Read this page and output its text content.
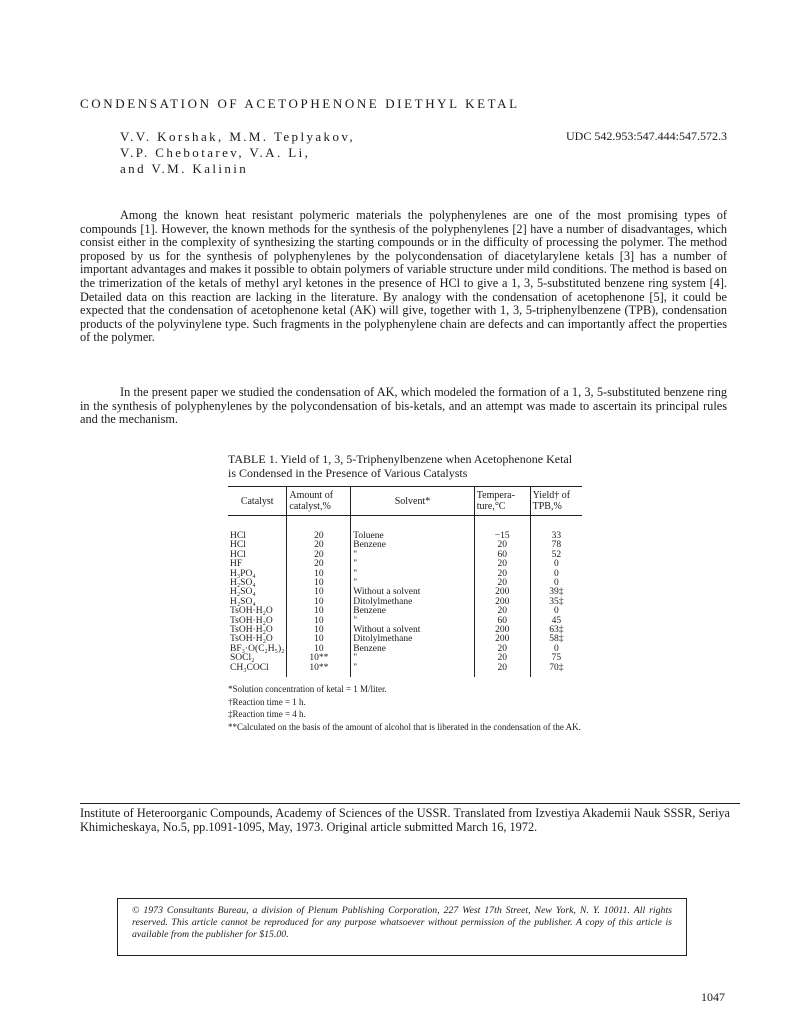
CONDENSATION OF ACETOPHENONE DIETHYL KETAL
V.V. Korshak, M.M. Teplyakov,
V.P. Chebotarev, V.A. Li,
and V.M. Kalinin
UDC 542.953:547.444:547.572.3

Among the known heat resistant polymeric materials the polyphenylenes are one of the most promising types of compounds [1]. However, the known methods for the synthesis of the polyphenylenes [2] have a number of disadvantages, which consist either in the complexity of synthesizing the starting compounds or in the difficulty of processing the polymer. The method proposed by us for the synthesis of polyphenylenes by the polycondensation of diacetylarylene ketals [3] has a number of important advantages and makes it possible to obtain polymers of variable structure under mild conditions. The method is based on the trimerization of the ketals of methyl aryl ketones in the presence of HCl to give a 1, 3, 5-substituted benzene ring system [4]. Detailed data on this reaction are lacking in the literature. By analogy with the condensation of acetophenone [5], it could be expected that the condensation of acetophenone ketal (AK) will give, together with 1, 3, 5-triphenylbenzene (TPB), condensation products of the polyvinylene type. Such fragments in the polyphenylene chain are defects and can importantly affect the properties of the polymer.

In the present paper we studied the condensation of AK, which modeled the formation of a 1, 3, 5-substituted benzene ring in the synthesis of polyphenylenes by the polycondensation of bis-ketals, and an attempt was made to ascertain its principal rules and the mechanism.

TABLE 1. Yield of 1, 3, 5-Triphenylbenzene when Acetophenone Ketal is Condensed in the Presence of Various Catalysts
Catalyst	Amount of catalyst,%	Solvent*	Tempera-ture,°C	Yield† of TPB,%
HCl	20	Toluene	−15	33
HCl	20	Benzene	20	78
HCl	20	"	60	52
HF	20	"	20	0
H₃PO₄	10	"	20	0
H₂SO₄	10	"	20	0
H₂SO₄	10	Without a solvent	200	39‡
H₂SO₄	10	Ditolylmethane	200	35‡
TsOH·H₂O	10	Benzene	20	0
TsOH·H₂O	10	"	60	45
TsOH·H₂O	10	Without a solvent	200	63‡
TsOH·H₂O	10	Ditolylmethane	200	58‡
BF₃·O(C₂H₅)₂	10	Benzene	20	0
SOCl₂	10**	"	20	75
CH₃COCl	10**	"	20	70‡
*Solution concentration of ketal = 1 M/liter.
†Reaction time = 1 h.
‡Reaction time = 4 h.
**Calculated on the basis of the amount of alcohol that is liberated in the condensation of the AK.
Institute of Heteroorganic Compounds, Academy of Sciences of the USSR. Translated from Izvestiya Akademii Nauk SSSR, Seriya Khimicheskaya, No.5, pp.1091-1095, May, 1973. Original article submitted March 16, 1972.
© 1973 Consultants Bureau, a division of Plenum Publishing Corporation, 227 West 17th Street, New York, N. Y. 10011. All rights reserved. This article cannot be reproduced for any purpose whatsoever without permission of the publisher. A copy of this article is available from the publisher for $15.00.
1047
